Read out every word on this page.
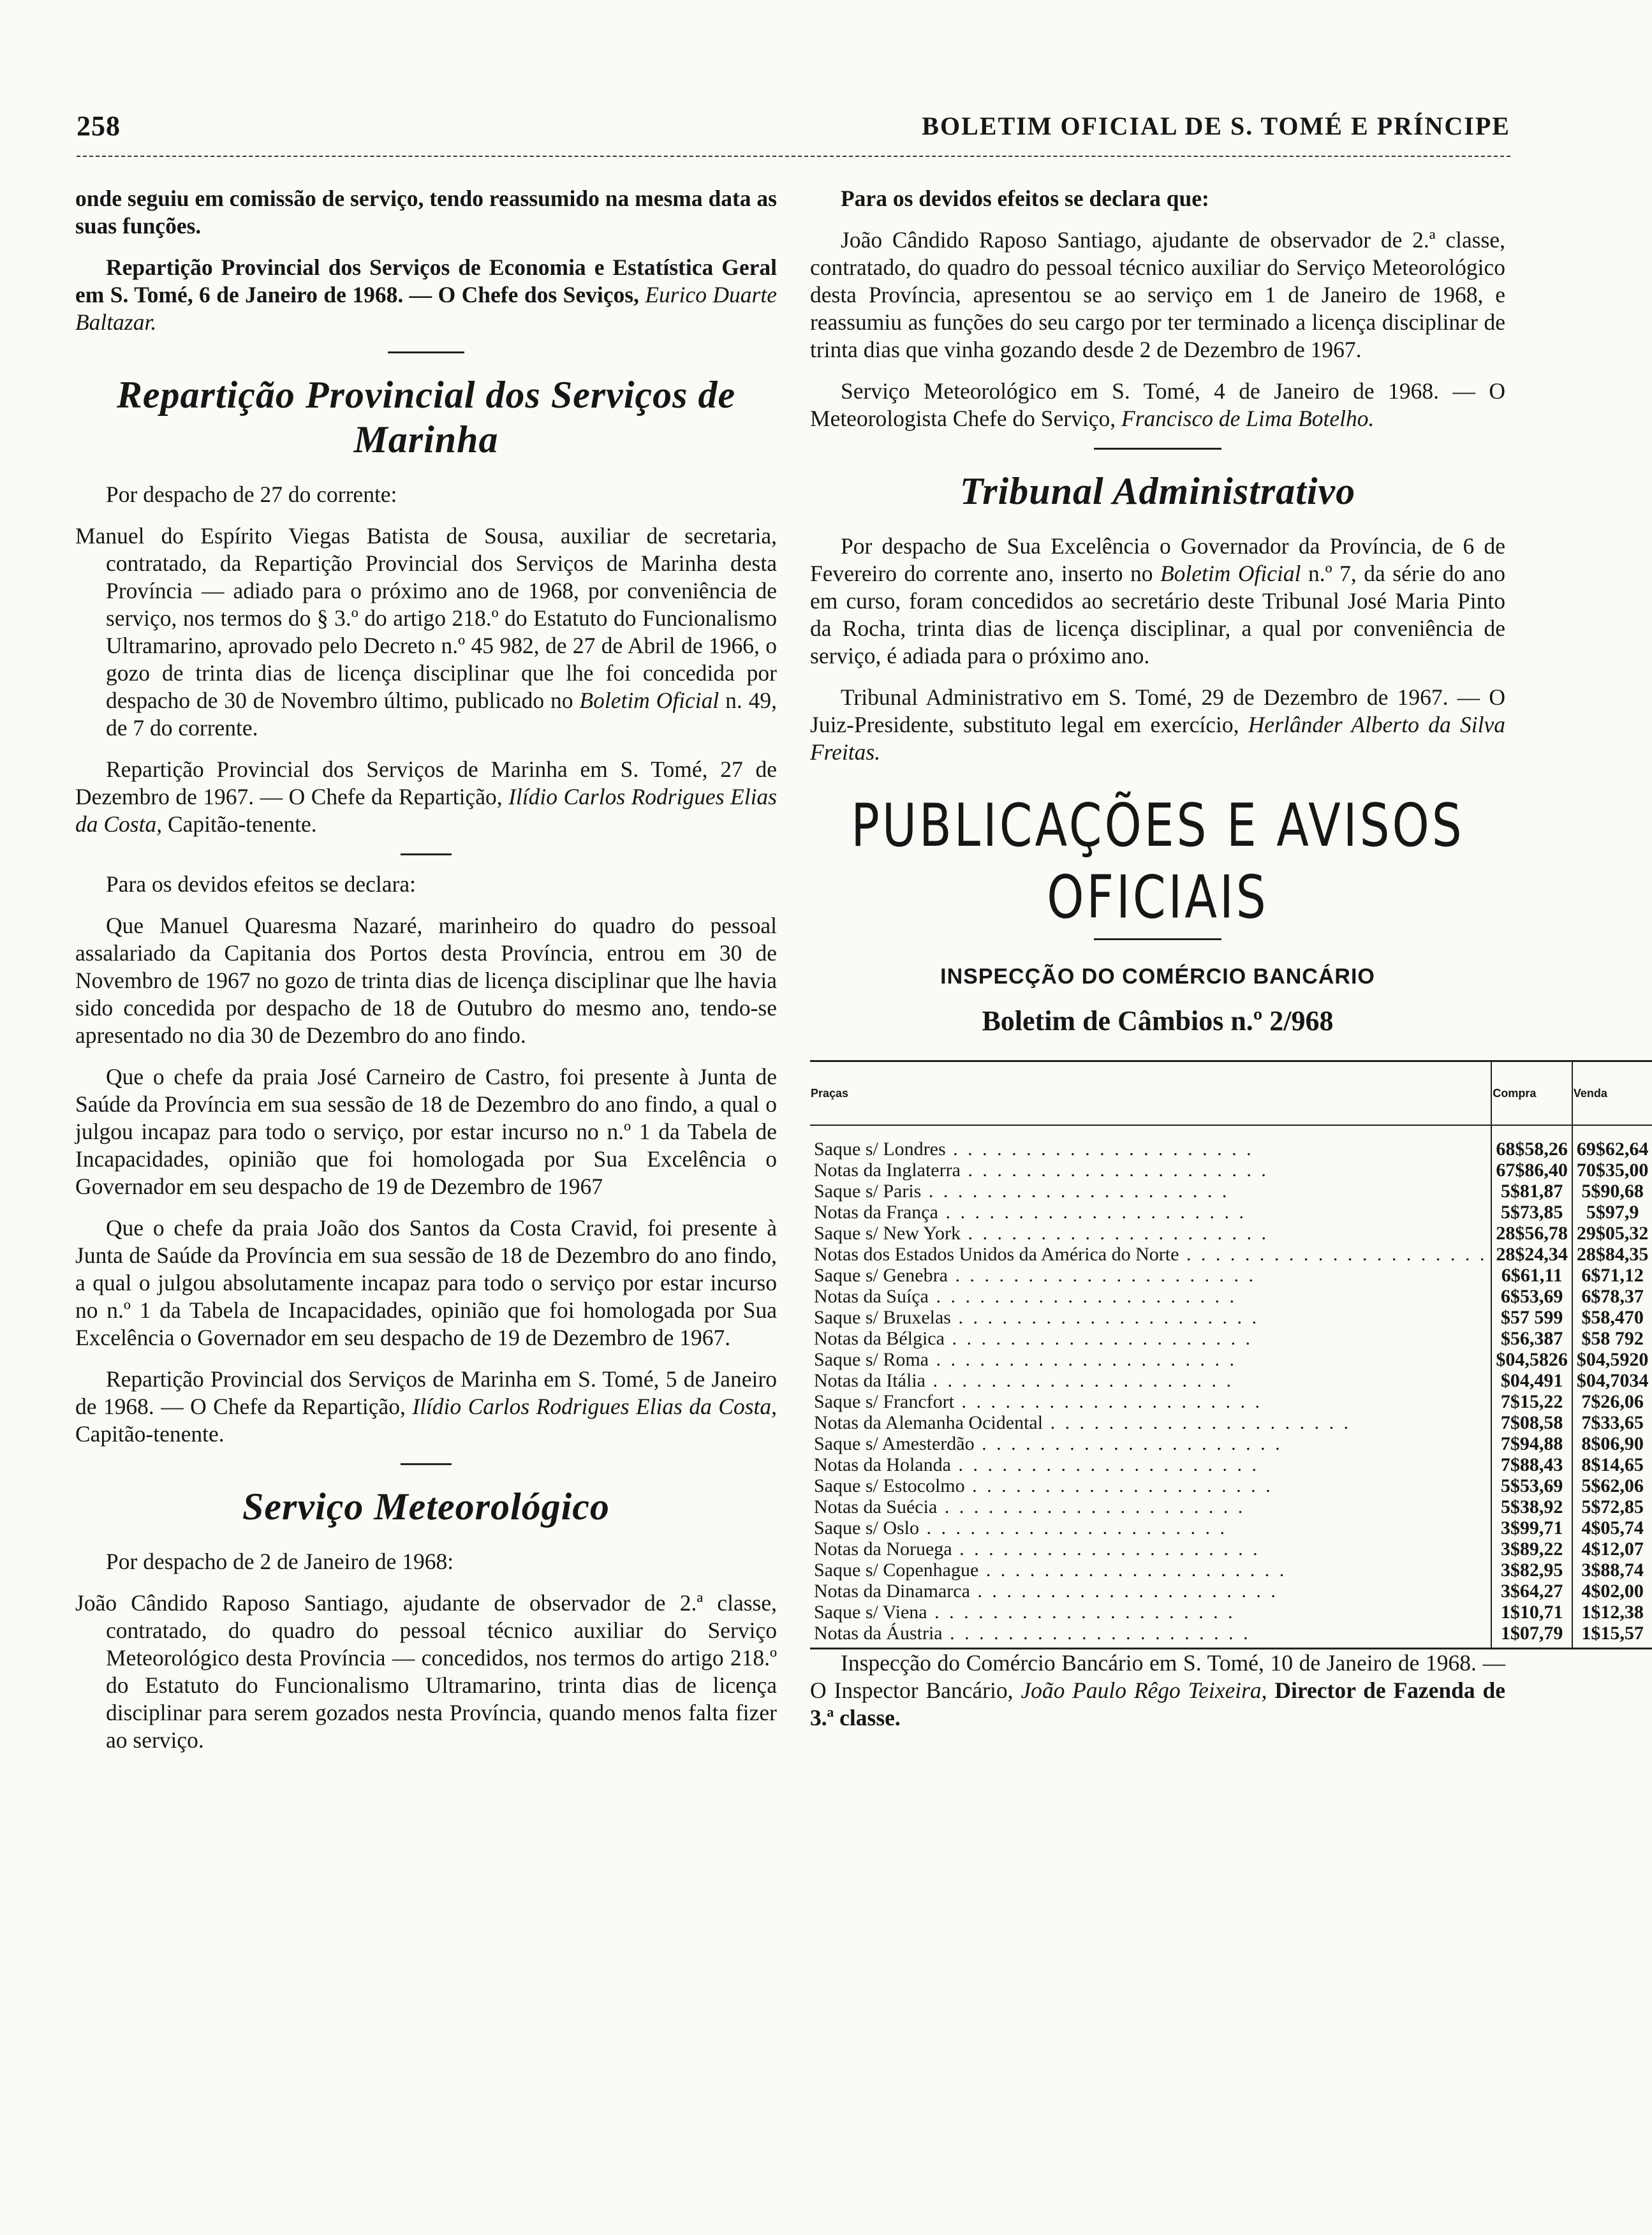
258	BOLETIM OFICIAL DE S. TOMÉ E PRÍNCIPE

onde seguiu em comissão de serviço, tendo reassumido na mesma data as suas funções.

Repartição Provincial dos Serviços de Economia e Estatística Geral em S. Tomé, 6 de Janeiro de 1968. — O Chefe dos Seviços, Eurico Duarte Baltazar.

Repartição Provincial dos Serviços de Marinha

Por despacho de 27 do corrente:

Manuel do Espírito Viegas Batista de Sousa, auxiliar de secretaria, contratado, da Repartição Provincial dos Serviços de Marinha desta Província — adiado para o próximo ano de 1968, por conveniência de serviço, nos termos do § 3.º do artigo 218.º do Estatuto do Funcionalismo Ultramarino, aprovado pelo Decreto n.º 45 982, de 27 de Abril de 1966, o gozo de trinta dias de licença disciplinar que lhe foi concedida por despacho de 30 de Novembro último, publicado no Boletim Oficial n. 49, de 7 do corrente.

Repartição Provincial dos Serviços de Marinha em S. Tomé, 27 de Dezembro de 1967. — O Chefe da Repartição, Ilídio Carlos Rodrigues Elias da Costa, Capitão-tenente.

Para os devidos efeitos se declara:

Que Manuel Quaresma Nazaré, marinheiro do quadro do pessoal assalariado da Capitania dos Portos desta Província, entrou em 30 de Novembro de 1967 no gozo de trinta dias de licença disciplinar que lhe havia sido concedida por despacho de 18 de Outubro do mesmo ano, tendo-se apresentado no dia 30 de Dezembro do ano findo.

Que o chefe da praia José Carneiro de Castro, foi presente à Junta de Saúde da Província em sua sessão de 18 de Dezembro do ano findo, a qual o julgou incapaz para todo o serviço, por estar incurso no n.º 1 da Tabela de Incapacidades, opinião que foi homologada por Sua Excelência o Governador em seu despacho de 19 de Dezembro de 1967

Que o chefe da praia João dos Santos da Costa Cravid, foi presente à Junta de Saúde da Província em sua sessão de 18 de Dezembro do ano findo, a qual o julgou absolutamente incapaz para todo o serviço por estar incurso no n.º 1 da Tabela de Incapacidades, opinião que foi homologada por Sua Excelência o Governador em seu despacho de 19 de Dezembro de 1967.

Repartição Provincial dos Serviços de Marinha em S. Tomé, 5 de Janeiro de 1968. — O Chefe da Repartição, Ilídio Carlos Rodrigues Elias da Costa, Capitão-tenente.

Serviço Meteorológico

Por despacho de 2 de Janeiro de 1968:

João Cândido Raposo Santiago, ajudante de observador de 2.ª classe, contratado, do quadro do pessoal técnico auxiliar do Serviço Meteorológico desta Província — concedidos, nos termos do artigo 218.º do Estatuto do Funcionalismo Ultramarino, trinta dias de licença disciplinar para serem gozados nesta Província, quando menos falta fizer ao serviço.

Para os devidos efeitos se declara que:

João Cândido Raposo Santiago, ajudante de observador de 2.ª classe, contratado, do quadro do pessoal técnico auxiliar do Serviço Meteorológico desta Província, apresentou se ao serviço em 1 de Janeiro de 1968, e reassumiu as funções do seu cargo por ter terminado a licença disciplinar de trinta dias que vinha gozando desde 2 de Dezembro de 1967.

Serviço Meteorológico em S. Tomé, 4 de Janeiro de 1968. — O Meteorologista Chefe do Serviço, Francisco de Lima Botelho.

Tribunal Administrativo

Por despacho de Sua Excelência o Governador da Província, de 6 de Fevereiro do corrente ano, inserto no Boletim Oficial n.º 7, da série do ano em curso, foram concedidos ao secretário deste Tribunal José Maria Pinto da Rocha, trinta dias de licença disciplinar, a qual por conveniência de serviço, é adiada para o próximo ano.

Tribunal Administrativo em S. Tomé, 29 de Dezembro de 1967. — O Juiz-Presidente, substituto legal em exercício, Herlânder Alberto da Silva Freitas.

PUBLICAÇÕES E AVISOS OFICIAIS
INSPECÇÃO DO COMÉRCIO BANCÁRIO
Boletim de Câmbios n.º 2/968
Praças	Compra	Venda
Saque s/ Londres . . .	68$58,26	69$62,64
Notas da Inglaterra . . .	67$86,40	70$35,00
Saque s/ Paris . . .	5$81,87	5$90,68
Notas da França . . .	5$73,85	5$97,9
Saque s/ New York . . .	28$56,78	29$05,32
Notas dos Estados Unidos da América do Norte . . .	28$24,34	28$84,35
Saque s/ Genebra . . .	6$61,11	6$71,12
Notas da Suíça . . .	6$53,69	6$78,37
Saque s/ Bruxelas . . .	$57 599	$58,470
Notas da Bélgica . . .	$56,387	$58 792
Saque s/ Roma . . .	$04,5826	$04,5920
Notas da Itália . . .	$04,491	$04,7034
Saque s/ Francfort . . .	7$15,22	7$26,06
Notas da Alemanha Ocidental . . .	7$08,58	7$33,65
Saque s/ Amesterdão . . .	7$94,88	8$06,90
Notas da Holanda . . .	7$88,43	8$14,65
Saque s/ Estocolmo . . .	5$53,69	5$62,06
Notas da Suécia . . .	5$38,92	5$72,85
Saque s/ Oslo . . .	3$99,71	4$05,74
Notas da Noruega . . .	3$89,22	4$12,07
Saque s/ Copenhague . . .	3$82,95	3$88,74
Notas da Dinamarca . . .	3$64,27	4$02,00
Saque s/ Viena . . .	1$10,71	1$12,38
Notas da Áustria . . .	1$07,79	1$15,57

Inspecção do Comércio Bancário em S. Tomé, 10 de Janeiro de 1968. — O Inspector Bancário, João Paulo Rêgo Teixeira, Director de Fazenda de 3.ª classe.
